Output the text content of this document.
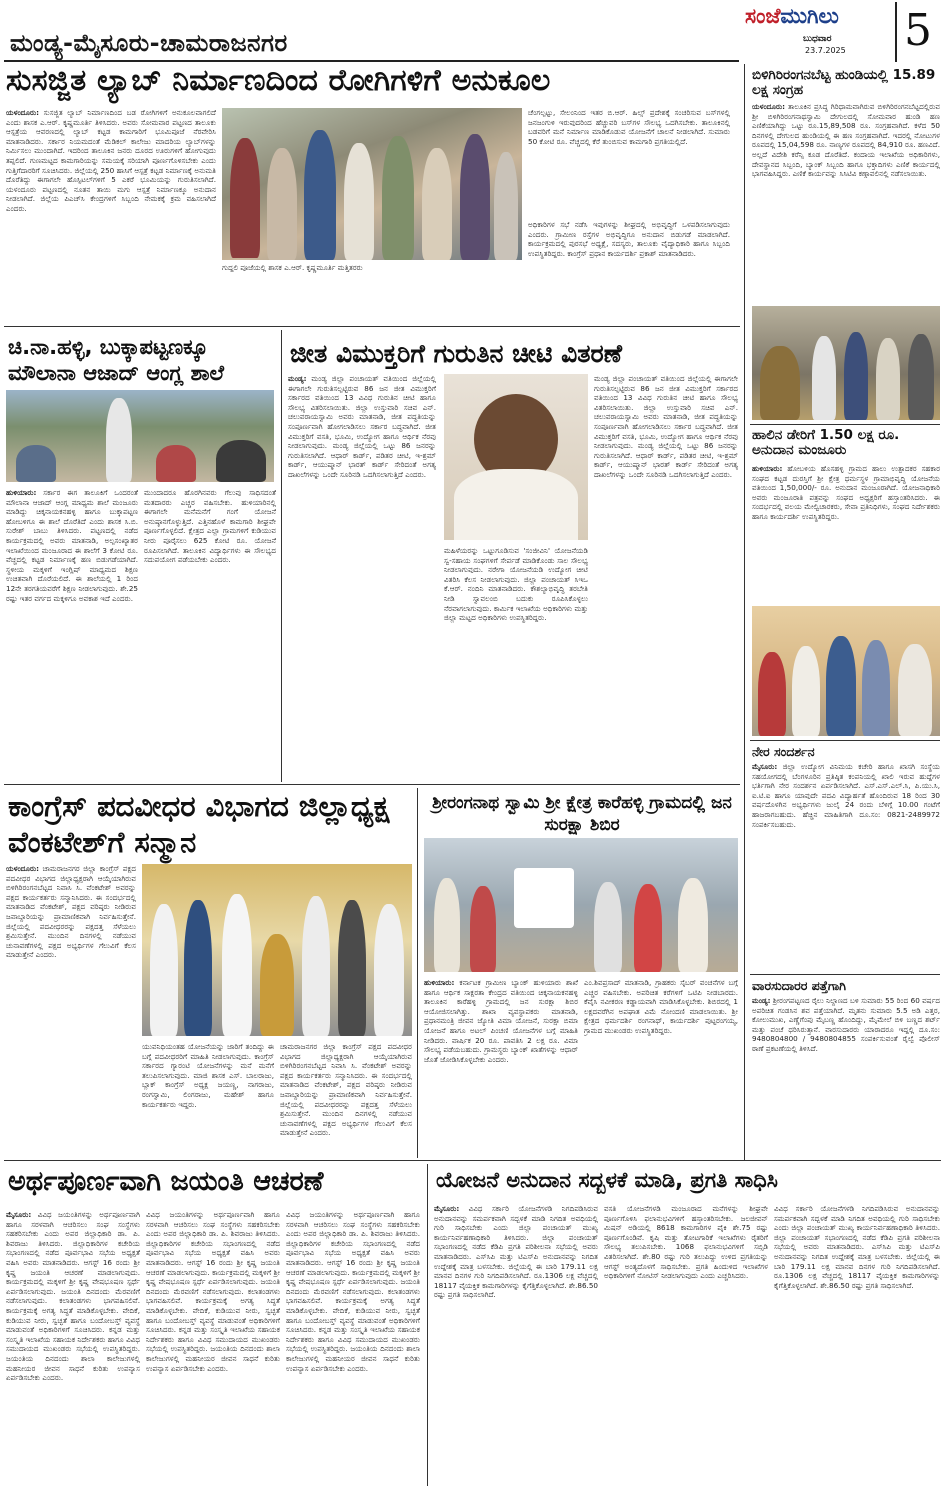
ಮಂಡ್ಯ-ಮೈಸೂರು-ಚಾಮರಾಜನಗರ
ಸಂಜೆಮುಗಿಲು
ಬುಧವಾರ
23.7.2025 5
ಸುಸಜ್ಜಿತ ಲ್ಯಾಬ್ ನಿರ್ಮಾಣದಿಂದ ರೋಗಿಗಳಿಗೆ ಅನುಕೂಲ
ಯಳಂದೂರು: ಸುಸಜ್ಜಿತ ಲ್ಯಾಬ್ ನಿರ್ಮಾಣದಿಂದ ಬಡ ರೋಗಿಗಳಿಗೆ ಅನುಕೂಲವಾಗಲಿದೆ ಎಂದು ಶಾಸಕ ಎ.ಆರ್. ಕೃಷ್ಣಮೂರ್ತಿ ತಿಳಿಸಿದರು. ಅವರು ಸೋಮವಾರ ಪಟ್ಟಣದ ತಾಲೂಕು ಆಸ್ಪತ್ರೆಯ ಆವರಣದಲ್ಲಿ ಲ್ಯಾಬ್ ಕಟ್ಟಡ ಕಾಮಗಾರಿಗೆ ಭೂಮಿಪೂಜೆ ನೆರವೇರಿಸಿ ಮಾತನಾಡಿದರು. ಸರ್ಕಾರ ನಿಯಮದಂತೆ ಮೆಡಿಕಲ್ ಕಾಲೇಜು ಮಾದರಿಯ ಲ್ಯಾಬ್‌ಗಳನ್ನು ನಿರ್ಮಿಸಲು ಮುಂದಾಗಿದೆ. ಇದರಿಂದ ತಾಲೂಕಿನ ಜನರು ದೂರದ ಊರುಗಳಿಗೆ ಹೋಗುವುದು ತಪ್ಪಲಿದೆ. ಗುಣಮಟ್ಟದ ಕಾಮಗಾರಿಯನ್ನು ಸಮಯಕ್ಕೆ ಸರಿಯಾಗಿ ಪೂರ್ಣಗೊಳಿಸಬೇಕು ಎಂದು ಗುತ್ತಿಗೆದಾರರಿಗೆ ಸೂಚಿಸಿದರು. ಜಿಲ್ಲೆಯಲ್ಲಿ 250 ಹಾಸಿಗೆ ಆಸ್ಪತ್ರೆ ಕಟ್ಟಡ ನಿರ್ಮಾಣಕ್ಕೆ ಅನುಮತಿ ದೊರೆತಿದ್ದು ಈಗಾಗಲೇ ಹೊಸ್ಪಿಟಲ್‌ಗಳಿಗೆ 5 ಎಕರೆ ಭೂಮಿಯನ್ನು ಗುರುತಿಸಲಾಗಿದೆ. ಯಳಂದೂರು ಪಟ್ಟಣದಲ್ಲಿ ನೂತನ ತಾಯಿ ಮಗು ಆಸ್ಪತ್ರೆ ನಿರ್ಮಾಣಕ್ಕೂ ಅನುದಾನ ನೀಡಲಾಗಿದೆ. ಜಿಲ್ಲೆಯ ಪಿಎಚ್‌ಸಿ ಕೇಂದ್ರಗಳಿಗೆ ಸಿಬ್ಬಂದಿ ನೇಮಕಕ್ಕೆ ಕ್ರಮ ವಹಿಸಲಾಗಿದೆ ಎಂದರು.
ಗುದ್ದಲಿ ಪೂಜೆಯಲ್ಲಿ ಶಾಸಕ ಎ.ಆರ್. ಕೃಷ್ಣಮೂರ್ತಿ ಮತ್ತಿತರರು
ಚೆಂಗಲ್ಪಟ್ಟು, ಸೇಲಂನಿಂದ ಇತರ ಬಿ.ಆರ್. ಹಿಲ್ಸ್ ಪ್ರದೇಶಕ್ಕೆ ಸಂಚರಿಸುವ ಬಸ್‌ಗಳಲ್ಲಿ ಜನಜಂಗುಳಿ ಇರುವುದರಿಂದ ಹೆಚ್ಚುವರಿ ಬಸ್‌ಗಳ ಸೌಲಭ್ಯ ಒದಗಿಸಬೇಕು. ತಾಲೂಕಿನಲ್ಲಿ ಬಡವರಿಗೆ ಮನೆ ನಿರ್ಮಾಣ ಮಾಡಿಕೊಡುವ ಯೋಜನೆಗೆ ಚಾಲನೆ ನೀಡಲಾಗಿದೆ. ಸುಮಾರು 50 ಕೋಟಿ ರೂ. ವೆಚ್ಚದಲ್ಲಿ ಕೆರೆ ತುಂಬಿಸುವ ಕಾಮಗಾರಿ ಪ್ರಗತಿಯಲ್ಲಿದೆ.
ಅಧಿಕಾರಿಗಳ ಸಭೆ ನಡೆಸಿ ಇವುಗಳನ್ನು ಶೀಘ್ರದಲ್ಲಿ ಅಭಿವೃದ್ಧಿಗೆ ಒಳಪಡಿಸಲಾಗುವುದು ಎಂದರು. ಗ್ರಾಮೀಣ ರಸ್ತೆಗಳ ಅಭಿವೃದ್ಧಿಗೂ ಅನುದಾನ ಬಿಡುಗಡೆ ಮಾಡಲಾಗಿದೆ. ಕಾರ್ಯಕ್ರಮದಲ್ಲಿ ಪುರಸಭೆ ಅಧ್ಯಕ್ಷೆ, ಸದಸ್ಯರು, ತಾಲೂಕು ವೈದ್ಯಾಧಿಕಾರಿ ಹಾಗೂ ಸಿಬ್ಬಂದಿ ಉಪಸ್ಥಿತರಿದ್ದರು. ಕಾಂಗ್ರೆಸ್ ಪ್ರಧಾನ ಕಾರ್ಯದರ್ಶಿ ಪ್ರಕಾಶ್ ಮಾತನಾಡಿದರು.
ಚಿ.ನಾ.ಹಳ್ಳಿ, ಬುಕ್ಕಾಪಟ್ಟಣಕ್ಕೂ ಮೌಲಾನಾ ಆಜಾದ್ ಆಂಗ್ಲ ಶಾಲೆ
ಹುಳಿಯಾರು: ಸರ್ಕಾರ ಈಗ ತಾಲೂಕಿಗೆ ಒಂದರಂತೆ ಮೌಲಾನಾ ಆಜಾದ್ ಆಂಗ್ಲ ಮಾಧ್ಯಮ ಶಾಲೆ ಮಂಜೂರು ಮಾಡಿದ್ದು ಚಿಕ್ಕನಾಯಕನಹಳ್ಳಿ ಹಾಗೂ ಬುಕ್ಕಾಪಟ್ಟಣ ಹೋಬಳಿಗೂ ಈ ಶಾಲೆ ದೊರೆತಿದೆ ಎಂದು ಶಾಸಕ ಸಿ.ಬಿ. ಸುರೇಶ್ ಬಾಬು ತಿಳಿಸಿದರು. ಪಟ್ಟಣದಲ್ಲಿ ನಡೆದ ಕಾರ್ಯಕ್ರಮದಲ್ಲಿ ಅವರು ಮಾತನಾಡಿ, ಅಲ್ಪಸಂಖ್ಯಾತರ ಇಲಾಖೆಯಿಂದ ಮಂಜೂರಾದ ಈ ಶಾಲೆಗೆ 3 ಕೋಟಿ ರೂ. ವೆಚ್ಚದಲ್ಲಿ ಕಟ್ಟಡ ನಿರ್ಮಾಣಕ್ಕೆ ಹಣ ಬಿಡುಗಡೆಯಾಗಿದೆ. ಸ್ಥಳೀಯ ಮಕ್ಕಳಿಗೆ ಇಂಗ್ಲಿಷ್ ಮಾಧ್ಯಮದ ಶಿಕ್ಷಣ ಉಚಿತವಾಗಿ ದೊರೆಯಲಿದೆ. ಈ ಶಾಲೆಯಲ್ಲಿ 1 ರಿಂದ 12ನೇ ತರಗತಿಯವರೆಗೆ ಶಿಕ್ಷಣ ನೀಡಲಾಗುವುದು. ಶೇ.25 ರಷ್ಟು ಇತರ ವರ್ಗದ ಮಕ್ಕಳಿಗೂ ಅವಕಾಶ ಇದೆ ಎಂದರು.
ಮುಂದಾದರೂ ಹೊರಗಿನವರು ಗೆಲುವು ಸಾಧಿಸದಂತೆ ಮತದಾರರು ಎಚ್ಚರ ವಹಿಸಬೇಕು. ಹುಳಿಯಾರಿನಲ್ಲಿ ಈಗಾಗಲೇ ಮನೆಮನೆಗೆ ಗಂಗೆ ಯೋಜನೆ ಅನುಷ್ಠಾನಗೊಳ್ಳುತ್ತಿದೆ. ಎತ್ತಿನಹೊಳೆ ಕಾಮಗಾರಿ ಶೀಘ್ರವೇ ಪೂರ್ಣಗೊಳ್ಳಲಿದೆ. ಕ್ಷೇತ್ರದ ಎಲ್ಲಾ ಗ್ರಾಮಗಳಿಗೆ ಕುಡಿಯುವ ನೀರು ಪೂರೈಸಲು 625 ಕೋಟಿ ರೂ. ಯೋಜನೆ ರೂಪಿಸಲಾಗಿದೆ. ತಾಲೂಕಿನ ವಿದ್ಯಾರ್ಥಿಗಳು ಈ ಸೌಲಭ್ಯದ ಸದುಪಯೋಗ ಪಡೆಯಬೇಕು ಎಂದರು.
ಜೀತ ವಿಮುಕ್ತರಿಗೆ ಗುರುತಿನ ಚೀಟಿ ವಿತರಣೆ
ಮಂಡ್ಯ: ಮಂಡ್ಯ ಜಿಲ್ಲಾ ಪಂಚಾಯತ್ ವತಿಯಿಂದ ಜಿಲ್ಲೆಯಲ್ಲಿ ಈಗಾಗಲೇ ಗುರುತಿಸಲ್ಪಟ್ಟಿರುವ 86 ಜನ ಜೀತ ವಿಮುಕ್ತರಿಗೆ ಸರ್ಕಾರದ ವತಿಯಿಂದ 13 ವಿವಿಧ ಗುರುತಿನ ಚೀಟಿ ಹಾಗೂ ಸೌಲಭ್ಯ ವಿತರಿಸಲಾಯಿತು. ಜಿಲ್ಲಾ ಉಸ್ತುವಾರಿ ಸಚಿವ ಎನ್. ಚಲುವರಾಯಸ್ವಾಮಿ ಅವರು ಮಾತನಾಡಿ, ಜೀತ ಪದ್ಧತಿಯನ್ನು ಸಂಪೂರ್ಣವಾಗಿ ಹೋಗಲಾಡಿಸಲು ಸರ್ಕಾರ ಬದ್ಧವಾಗಿದೆ. ಜೀತ ವಿಮುಕ್ತರಿಗೆ ವಸತಿ, ಭೂಮಿ, ಉದ್ಯೋಗ ಹಾಗೂ ಆರ್ಥಿಕ ನೆರವು ನೀಡಲಾಗುವುದು. ಮಂಡ್ಯ ಜಿಲ್ಲೆಯಲ್ಲಿ ಒಟ್ಟು 86 ಜನರನ್ನು ಗುರುತಿಸಲಾಗಿದೆ. ಆಧಾರ್ ಕಾರ್ಡ್, ಪಡಿತರ ಚೀಟಿ, ಇ-ಶ್ರಮ್ ಕಾರ್ಡ್, ಆಯುಷ್ಮಾನ್ ಭಾರತ್ ಕಾರ್ಡ್ ಸೇರಿದಂತೆ ಅಗತ್ಯ ದಾಖಲೆಗಳನ್ನು ಒಂದೇ ಸೂರಿನಡಿ ಒದಗಿಸಲಾಗುತ್ತಿದೆ ಎಂದರು.
ಮಹಿಳೆಯರನ್ನು ಒಟ್ಟುಗೂಡಿಸುವ 'ಸಂಜೀವಿನಿ' ಯೋಜನೆಯಡಿ ಸ್ವ-ಸಹಾಯ ಸಂಘಗಳಿಗೆ ಸೇರ್ಪಡೆ ಮಾಡಿಕೊಂಡು ಸಾಲ ಸೌಲಭ್ಯ ನೀಡಲಾಗುವುದು. ನರೇಗಾ ಯೋಜನೆಯಡಿ ಉದ್ಯೋಗ ಚೀಟಿ ವಿತರಿಸಿ ಕೆಲಸ ನೀಡಲಾಗುವುದು. ಜಿಲ್ಲಾ ಪಂಚಾಯತ್ ಸಿಇಒ ಕೆ.ಆರ್. ನಂದಿನಿ ಮಾತನಾಡಿದರು. ಕೌಶಲ್ಯಾಭಿವೃದ್ಧಿ ತರಬೇತಿ ನೀಡಿ ಸ್ವಾವಲಂಬಿ ಬದುಕು ರೂಪಿಸಿಕೊಳ್ಳಲು ನೆರವಾಗಲಾಗುವುದು. ಕಾರ್ಮಿಕ ಇಲಾಖೆಯ ಅಧಿಕಾರಿಗಳು ಮತ್ತು ಜಿಲ್ಲಾ ಮಟ್ಟದ ಅಧಿಕಾರಿಗಳು ಉಪಸ್ಥಿತರಿದ್ದರು.
ಮಂಡ್ಯ ಜಿಲ್ಲಾ ಪಂಚಾಯತ್ ವತಿಯಿಂದ ಜಿಲ್ಲೆಯಲ್ಲಿ ಈಗಾಗಲೇ ಗುರುತಿಸಲ್ಪಟ್ಟಿರುವ 86 ಜನ ಜೀತ ವಿಮುಕ್ತರಿಗೆ ಸರ್ಕಾರದ ವತಿಯಿಂದ 13 ವಿವಿಧ ಗುರುತಿನ ಚೀಟಿ ಹಾಗೂ ಸೌಲಭ್ಯ ವಿತರಿಸಲಾಯಿತು. ಜಿಲ್ಲಾ ಉಸ್ತುವಾರಿ ಸಚಿವ ಎನ್. ಚಲುವರಾಯಸ್ವಾಮಿ ಅವರು ಮಾತನಾಡಿ, ಜೀತ ಪದ್ಧತಿಯನ್ನು ಸಂಪೂರ್ಣವಾಗಿ ಹೋಗಲಾಡಿಸಲು ಸರ್ಕಾರ ಬದ್ಧವಾಗಿದೆ. ಜೀತ ವಿಮುಕ್ತರಿಗೆ ವಸತಿ, ಭೂಮಿ, ಉದ್ಯೋಗ ಹಾಗೂ ಆರ್ಥಿಕ ನೆರವು ನೀಡಲಾಗುವುದು. ಮಂಡ್ಯ ಜಿಲ್ಲೆಯಲ್ಲಿ ಒಟ್ಟು 86 ಜನರನ್ನು ಗುರುತಿಸಲಾಗಿದೆ. ಆಧಾರ್ ಕಾರ್ಡ್, ಪಡಿತರ ಚೀಟಿ, ಇ-ಶ್ರಮ್ ಕಾರ್ಡ್, ಆಯುಷ್ಮಾನ್ ಭಾರತ್ ಕಾರ್ಡ್ ಸೇರಿದಂತೆ ಅಗತ್ಯ ದಾಖಲೆಗಳನ್ನು ಒಂದೇ ಸೂರಿನಡಿ ಒದಗಿಸಲಾಗುತ್ತಿದೆ ಎಂದರು.
ಕಾಂಗ್ರೆಸ್ ಪದವೀಧರ ವಿಭಾಗದ ಜಿಲ್ಲಾಧ್ಯಕ್ಷ ವೆಂಕಟೇಶ್‌ಗೆ ಸನ್ಮಾನ
ಯಳಂದೂರು: ಚಾಮರಾಜನಗರ ಜಿಲ್ಲಾ ಕಾಂಗ್ರೆಸ್ ಪಕ್ಷದ ಪದವೀಧರ ವಿಭಾಗದ ಜಿಲ್ಲಾಧ್ಯಕ್ಷರಾಗಿ ಆಯ್ಕೆಯಾಗಿರುವ ಬಿಳಿಗಿರಿರಂಗನಬೆಟ್ಟದ ನಿವಾಸಿ ಸಿ. ವೆಂಕಟೇಶ್ ಅವರನ್ನು ಪಕ್ಷದ ಕಾರ್ಯಕರ್ತರು ಸನ್ಮಾನಿಸಿದರು. ಈ ಸಂದರ್ಭದಲ್ಲಿ ಮಾತನಾಡಿದ ವೆಂಕಟೇಶ್, ಪಕ್ಷದ ವರಿಷ್ಠರು ನೀಡಿರುವ ಜವಾಬ್ದಾರಿಯನ್ನು ಪ್ರಾಮಾಣಿಕವಾಗಿ ನಿರ್ವಹಿಸುತ್ತೇನೆ. ಜಿಲ್ಲೆಯಲ್ಲಿ ಪದವೀಧರರನ್ನು ಪಕ್ಷದತ್ತ ಸೆಳೆಯಲು ಶ್ರಮಿಸುತ್ತೇನೆ. ಮುಂದಿನ ದಿನಗಳಲ್ಲಿ ನಡೆಯುವ ಚುನಾವಣೆಗಳಲ್ಲಿ ಪಕ್ಷದ ಅಭ್ಯರ್ಥಿಗಳ ಗೆಲುವಿಗೆ ಕೆಲಸ ಮಾಡುತ್ತೇನೆ ಎಂದರು.
ಯುವನಿಧಿಯಂತಹ ಯೋಜನೆಯನ್ನು ಜಾರಿಗೆ ತಂದಿದ್ದು ಈ ಬಗ್ಗೆ ಪದವೀಧರರಿಗೆ ಮಾಹಿತಿ ನೀಡಲಾಗುವುದು. ಕಾಂಗ್ರೆಸ್ ಸರ್ಕಾರದ ಗ್ಯಾರಂಟಿ ಯೋಜನೆಗಳನ್ನು ಮನೆ ಮನೆಗೆ ತಲುಪಿಸಲಾಗುವುದು. ಮಾಜಿ ಶಾಸಕ ಎಸ್. ಬಾಲರಾಜು, ಬ್ಲಾಕ್ ಕಾಂಗ್ರೆಸ್ ಅಧ್ಯಕ್ಷ ಜಯಣ್ಣ, ನಾಗರಾಜು, ರಂಗಸ್ವಾಮಿ, ಲಿಂಗರಾಜು, ಮಹೇಶ್ ಹಾಗೂ ಕಾರ್ಯಕರ್ತರು ಇದ್ದರು.
ಚಾಮರಾಜನಗರ ಜಿಲ್ಲಾ ಕಾಂಗ್ರೆಸ್ ಪಕ್ಷದ ಪದವೀಧರ ವಿಭಾಗದ ಜಿಲ್ಲಾಧ್ಯಕ್ಷರಾಗಿ ಆಯ್ಕೆಯಾಗಿರುವ ಬಿಳಿಗಿರಿರಂಗನಬೆಟ್ಟದ ನಿವಾಸಿ ಸಿ. ವೆಂಕಟೇಶ್ ಅವರನ್ನು ಪಕ್ಷದ ಕಾರ್ಯಕರ್ತರು ಸನ್ಮಾನಿಸಿದರು. ಈ ಸಂದರ್ಭದಲ್ಲಿ ಮಾತನಾಡಿದ ವೆಂಕಟೇಶ್, ಪಕ್ಷದ ವರಿಷ್ಠರು ನೀಡಿರುವ ಜವಾಬ್ದಾರಿಯನ್ನು ಪ್ರಾಮಾಣಿಕವಾಗಿ ನಿರ್ವಹಿಸುತ್ತೇನೆ. ಜಿಲ್ಲೆಯಲ್ಲಿ ಪದವೀಧರರನ್ನು ಪಕ್ಷದತ್ತ ಸೆಳೆಯಲು ಶ್ರಮಿಸುತ್ತೇನೆ. ಮುಂದಿನ ದಿನಗಳಲ್ಲಿ ನಡೆಯುವ ಚುನಾವಣೆಗಳಲ್ಲಿ ಪಕ್ಷದ ಅಭ್ಯರ್ಥಿಗಳ ಗೆಲುವಿಗೆ ಕೆಲಸ ಮಾಡುತ್ತೇನೆ ಎಂದರು.
ಶ್ರೀರಂಗನಾಥ ಸ್ವಾಮಿ ಶ್ರೀ ಕ್ಷೇತ್ರ ಕಾರೆಹಳ್ಳಿ ಗ್ರಾಮದಲ್ಲಿ ಜನ ಸುರಕ್ಷಾ ಶಿಬಿರ
ಹುಳಿಯಾರು: ಕರ್ನಾಟಕ ಗ್ರಾಮೀಣ ಬ್ಯಾಂಕ್ ಹುಳಿಯಾರು ಶಾಖೆ ಹಾಗೂ ಆರ್ಥಿಕ ಸಾಕ್ಷರತಾ ಕೇಂದ್ರದ ವತಿಯಿಂದ ಚಿಕ್ಕನಾಯಕನಹಳ್ಳಿ ತಾಲೂಕಿನ ಕಾರೆಹಳ್ಳಿ ಗ್ರಾಮದಲ್ಲಿ ಜನ ಸುರಕ್ಷಾ ಶಿಬಿರ ಆಯೋಜಿಸಲಾಗಿತ್ತು. ಶಾಖಾ ವ್ಯವಸ್ಥಾಪಕರು ಮಾತನಾಡಿ, ಪ್ರಧಾನಮಂತ್ರಿ ಜೀವನ ಜ್ಯೋತಿ ವಿಮಾ ಯೋಜನೆ, ಸುರಕ್ಷಾ ಬಿಮಾ ಯೋಜನೆ ಹಾಗೂ ಅಟಲ್ ಪಿಂಚಣಿ ಯೋಜನೆಗಳ ಬಗ್ಗೆ ಮಾಹಿತಿ ನೀಡಿದರು. ವಾರ್ಷಿಕ 20 ರೂ. ಪಾವತಿಸಿ 2 ಲಕ್ಷ ರೂ. ವಿಮಾ ಸೌಲಭ್ಯ ಪಡೆಯಬಹುದು. ಗ್ರಾಮಸ್ಥರು ಬ್ಯಾಂಕ್ ಖಾತೆಗಳನ್ನು ಆಧಾರ್ ಜೊತೆ ಜೋಡಿಸಿಕೊಳ್ಳಬೇಕು ಎಂದರು.
ಎಂ.ಶಿವಪ್ರಸಾದ್ ಮಾತನಾಡಿ, ಗ್ರಾಹಕರು ಸೈಬರ್ ವಂಚನೆಗಳ ಬಗ್ಗೆ ಎಚ್ಚರ ವಹಿಸಬೇಕು. ಅಪರಿಚಿತ ಕರೆಗಳಿಗೆ ಒಟಿಪಿ ನೀಡಬಾರದು. ಕೆವೈಸಿ ನವೀಕರಣ ಕಡ್ಡಾಯವಾಗಿ ಮಾಡಿಸಿಕೊಳ್ಳಬೇಕು. ಶಿಬಿರದಲ್ಲಿ 1 ಲಕ್ಷದವರೆಗಿನ ಅಪಘಾತ ವಿಮೆ ನೋಂದಣಿ ಮಾಡಲಾಯಿತು. ಶ್ರೀ ಕ್ಷೇತ್ರದ ಧರ್ಮದರ್ಶಿ ರಂಗನಾಥ್, ಕಾರ್ಯದರ್ಶಿ ಪುಟ್ಟರಂಗಯ್ಯ, ಗ್ರಾಮದ ಮುಖಂಡರು ಉಪಸ್ಥಿತರಿದ್ದರು.
ಅರ್ಥಪೂರ್ಣವಾಗಿ ಜಯಂತಿ ಆಚರಣೆ
ಮೈಸೂರು: ವಿವಿಧ ಜಯಂತಿಗಳನ್ನು ಅರ್ಥಪೂರ್ಣವಾಗಿ ಹಾಗೂ ಸರಳವಾಗಿ ಆಚರಿಸಲು ಸಂಘ ಸಂಸ್ಥೆಗಳು ಸಹಕರಿಸಬೇಕು ಎಂದು ಅಪರ ಜಿಲ್ಲಾಧಿಕಾರಿ ಡಾ. ಪಿ. ಶಿವರಾಜು ತಿಳಿಸಿದರು. ಜಿಲ್ಲಾಧಿಕಾರಿಗಳ ಕಚೇರಿಯ ಸಭಾಂಗಣದಲ್ಲಿ ನಡೆದ ಪೂರ್ವಭಾವಿ ಸಭೆಯ ಅಧ್ಯಕ್ಷತೆ ವಹಿಸಿ ಅವರು ಮಾತನಾಡಿದರು. ಆಗಸ್ಟ್ 16 ರಂದು ಶ್ರೀ ಕೃಷ್ಣ ಜಯಂತಿ ಆಚರಣೆ ಮಾಡಲಾಗುವುದು. ಕಾರ್ಯಕ್ರಮದಲ್ಲಿ ಮಕ್ಕಳಿಗೆ ಶ್ರೀ ಕೃಷ್ಣ ವೇಷಭೂಷಣ ಸ್ಪರ್ಧೆ ಏರ್ಪಡಿಸಲಾಗುವುದು. ಜಯಂತಿ ದಿನದಂದು ಮೆರವಣಿಗೆ ನಡೆಸಲಾಗುವುದು. ಕಲಾತಂಡಗಳು ಭಾಗವಹಿಸಲಿವೆ. ಕಾರ್ಯಕ್ರಮಕ್ಕೆ ಅಗತ್ಯ ಸಿದ್ಧತೆ ಮಾಡಿಕೊಳ್ಳಬೇಕು. ವೇದಿಕೆ, ಕುಡಿಯುವ ನೀರು, ಸ್ವಚ್ಛತೆ ಹಾಗೂ ಬಂದೋಬಸ್ತ್ ವ್ಯವಸ್ಥೆ ಮಾಡುವಂತೆ ಅಧಿಕಾರಿಗಳಿಗೆ ಸೂಚಿಸಿದರು. ಕನ್ನಡ ಮತ್ತು ಸಂಸ್ಕೃತಿ ಇಲಾಖೆಯ ಸಹಾಯಕ ನಿರ್ದೇಶಕರು ಹಾಗೂ ವಿವಿಧ ಸಮುದಾಯದ ಮುಖಂಡರು ಸಭೆಯಲ್ಲಿ ಉಪಸ್ಥಿತರಿದ್ದರು. ಜಯಂತಿಯ ದಿನದಂದು ಶಾಲಾ ಕಾಲೇಜುಗಳಲ್ಲಿ ಮಹನೀಯರ ಜೀವನ ಸಾಧನೆ ಕುರಿತು ಉಪನ್ಯಾಸ ಏರ್ಪಡಿಸಬೇಕು ಎಂದರು.
ವಿವಿಧ ಜಯಂತಿಗಳನ್ನು ಅರ್ಥಪೂರ್ಣವಾಗಿ ಹಾಗೂ ಸರಳವಾಗಿ ಆಚರಿಸಲು ಸಂಘ ಸಂಸ್ಥೆಗಳು ಸಹಕರಿಸಬೇಕು ಎಂದು ಅಪರ ಜಿಲ್ಲಾಧಿಕಾರಿ ಡಾ. ಪಿ. ಶಿವರಾಜು ತಿಳಿಸಿದರು. ಜಿಲ್ಲಾಧಿಕಾರಿಗಳ ಕಚೇರಿಯ ಸಭಾಂಗಣದಲ್ಲಿ ನಡೆದ ಪೂರ್ವಭಾವಿ ಸಭೆಯ ಅಧ್ಯಕ್ಷತೆ ವಹಿಸಿ ಅವರು ಮಾತನಾಡಿದರು. ಆಗಸ್ಟ್ 16 ರಂದು ಶ್ರೀ ಕೃಷ್ಣ ಜಯಂತಿ ಆಚರಣೆ ಮಾಡಲಾಗುವುದು. ಕಾರ್ಯಕ್ರಮದಲ್ಲಿ ಮಕ್ಕಳಿಗೆ ಶ್ರೀ ಕೃಷ್ಣ ವೇಷಭೂಷಣ ಸ್ಪರ್ಧೆ ಏರ್ಪಡಿಸಲಾಗುವುದು. ಜಯಂತಿ ದಿನದಂದು ಮೆರವಣಿಗೆ ನಡೆಸಲಾಗುವುದು. ಕಲಾತಂಡಗಳು ಭಾಗವಹಿಸಲಿವೆ. ಕಾರ್ಯಕ್ರಮಕ್ಕೆ ಅಗತ್ಯ ಸಿದ್ಧತೆ ಮಾಡಿಕೊಳ್ಳಬೇಕು. ವೇದಿಕೆ, ಕುಡಿಯುವ ನೀರು, ಸ್ವಚ್ಛತೆ ಹಾಗೂ ಬಂದೋಬಸ್ತ್ ವ್ಯವಸ್ಥೆ ಮಾಡುವಂತೆ ಅಧಿಕಾರಿಗಳಿಗೆ ಸೂಚಿಸಿದರು. ಕನ್ನಡ ಮತ್ತು ಸಂಸ್ಕೃತಿ ಇಲಾಖೆಯ ಸಹಾಯಕ ನಿರ್ದೇಶಕರು ಹಾಗೂ ವಿವಿಧ ಸಮುದಾಯದ ಮುಖಂಡರು ಸಭೆಯಲ್ಲಿ ಉಪಸ್ಥಿತರಿದ್ದರು. ಜಯಂತಿಯ ದಿನದಂದು ಶಾಲಾ ಕಾಲೇಜುಗಳಲ್ಲಿ ಮಹನೀಯರ ಜೀವನ ಸಾಧನೆ ಕುರಿತು ಉಪನ್ಯಾಸ ಏರ್ಪಡಿಸಬೇಕು ಎಂದರು.
ವಿವಿಧ ಜಯಂತಿಗಳನ್ನು ಅರ್ಥಪೂರ್ಣವಾಗಿ ಹಾಗೂ ಸರಳವಾಗಿ ಆಚರಿಸಲು ಸಂಘ ಸಂಸ್ಥೆಗಳು ಸಹಕರಿಸಬೇಕು ಎಂದು ಅಪರ ಜಿಲ್ಲಾಧಿಕಾರಿ ಡಾ. ಪಿ. ಶಿವರಾಜು ತಿಳಿಸಿದರು. ಜಿಲ್ಲಾಧಿಕಾರಿಗಳ ಕಚೇರಿಯ ಸಭಾಂಗಣದಲ್ಲಿ ನಡೆದ ಪೂರ್ವಭಾವಿ ಸಭೆಯ ಅಧ್ಯಕ್ಷತೆ ವಹಿಸಿ ಅವರು ಮಾತನಾಡಿದರು. ಆಗಸ್ಟ್ 16 ರಂದು ಶ್ರೀ ಕೃಷ್ಣ ಜಯಂತಿ ಆಚರಣೆ ಮಾಡಲಾಗುವುದು. ಕಾರ್ಯಕ್ರಮದಲ್ಲಿ ಮಕ್ಕಳಿಗೆ ಶ್ರೀ ಕೃಷ್ಣ ವೇಷಭೂಷಣ ಸ್ಪರ್ಧೆ ಏರ್ಪಡಿಸಲಾಗುವುದು. ಜಯಂತಿ ದಿನದಂದು ಮೆರವಣಿಗೆ ನಡೆಸಲಾಗುವುದು. ಕಲಾತಂಡಗಳು ಭಾಗವಹಿಸಲಿವೆ. ಕಾರ್ಯಕ್ರಮಕ್ಕೆ ಅಗತ್ಯ ಸಿದ್ಧತೆ ಮಾಡಿಕೊಳ್ಳಬೇಕು. ವೇದಿಕೆ, ಕುಡಿಯುವ ನೀರು, ಸ್ವಚ್ಛತೆ ಹಾಗೂ ಬಂದೋಬಸ್ತ್ ವ್ಯವಸ್ಥೆ ಮಾಡುವಂತೆ ಅಧಿಕಾರಿಗಳಿಗೆ ಸೂಚಿಸಿದರು. ಕನ್ನಡ ಮತ್ತು ಸಂಸ್ಕೃತಿ ಇಲಾಖೆಯ ಸಹಾಯಕ ನಿರ್ದೇಶಕರು ಹಾಗೂ ವಿವಿಧ ಸಮುದಾಯದ ಮುಖಂಡರು ಸಭೆಯಲ್ಲಿ ಉಪಸ್ಥಿತರಿದ್ದರು. ಜಯಂತಿಯ ದಿನದಂದು ಶಾಲಾ ಕಾಲೇಜುಗಳಲ್ಲಿ ಮಹನೀಯರ ಜೀವನ ಸಾಧನೆ ಕುರಿತು ಉಪನ್ಯಾಸ ಏರ್ಪಡಿಸಬೇಕು ಎಂದರು.
ಯೋಜನೆ ಅನುದಾನ ಸದ್ಬಳಕೆ ಮಾಡಿ, ಪ್ರಗತಿ ಸಾಧಿಸಿ
ಮೈಸೂರು: ವಿವಿಧ ಸರ್ಕಾರಿ ಯೋಜನೆಗಳಡಿ ನಿಗದಿಪಡಿಸಿರುವ ಅನುದಾನವನ್ನು ಸಮರ್ಪಕವಾಗಿ ಸದ್ಬಳಕೆ ಮಾಡಿ ನಿಗದಿತ ಅವಧಿಯಲ್ಲಿ ಗುರಿ ಸಾಧಿಸಬೇಕು ಎಂದು ಜಿಲ್ಲಾ ಪಂಚಾಯತ್ ಮುಖ್ಯ ಕಾರ್ಯನಿರ್ವಹಣಾಧಿಕಾರಿ ತಿಳಿಸಿದರು. ಜಿಲ್ಲಾ ಪಂಚಾಯತ್ ಸಭಾಂಗಣದಲ್ಲಿ ನಡೆದ ಕೆಡಿಪಿ ಪ್ರಗತಿ ಪರಿಶೀಲನಾ ಸಭೆಯಲ್ಲಿ ಅವರು ಮಾತನಾಡಿದರು. ಎಸ್‌ಸಿಪಿ ಮತ್ತು ಟಿಎಸ್‌ಪಿ ಅನುದಾನವನ್ನು ನಿಗದಿತ ಉದ್ದೇಶಕ್ಕೆ ಮಾತ್ರ ಬಳಸಬೇಕು. ಜಿಲ್ಲೆಯಲ್ಲಿ ಈ ಬಾರಿ 179.11 ಲಕ್ಷ ಮಾನವ ದಿನಗಳ ಗುರಿ ನಿಗದಿಪಡಿಸಲಾಗಿದೆ. ರೂ.1306 ಲಕ್ಷ ವೆಚ್ಚದಲ್ಲಿ 18117 ವೈಯಕ್ತಿಕ ಕಾಮಗಾರಿಗಳನ್ನು ಕೈಗೆತ್ತಿಕೊಳ್ಳಲಾಗಿದೆ. ಶೇ.86.50 ರಷ್ಟು ಪ್ರಗತಿ ಸಾಧಿಸಲಾಗಿದೆ.
ವಸತಿ ಯೋಜನೆಗಳಡಿ ಮಂಜೂರಾದ ಮನೆಗಳನ್ನು ಶೀಘ್ರವೇ ಪೂರ್ಣಗೊಳಿಸಿ ಫಲಾನುಭವಿಗಳಿಗೆ ಹಸ್ತಾಂತರಿಸಬೇಕು. ಜಲಜೀವನ್ ಮಿಷನ್ ಅಡಿಯಲ್ಲಿ 8618 ಕಾಮಗಾರಿಗಳ ಪೈಕಿ ಶೇ.75 ರಷ್ಟು ಪೂರ್ಣಗೊಂಡಿವೆ. ಕೃಷಿ ಮತ್ತು ತೋಟಗಾರಿಕೆ ಇಲಾಖೆಗಳು ರೈತರಿಗೆ ಸೌಲಭ್ಯ ತಲುಪಿಸಬೇಕು. 1068 ಫಲಾನುಭವಿಗಳಿಗೆ ಸಬ್ಸಿಡಿ ವಿತರಿಸಲಾಗಿದೆ. ಶೇ.80 ರಷ್ಟು ಗುರಿ ತಲುಪಿದ್ದು ಉಳಿದ ಪ್ರಗತಿಯನ್ನು ಆಗಸ್ಟ್ ಅಂತ್ಯದೊಳಗೆ ಸಾಧಿಸಬೇಕು. ಪ್ರಗತಿ ಹಿಂದುಳಿದ ಇಲಾಖೆಗಳ ಅಧಿಕಾರಿಗಳಿಗೆ ನೋಟಿಸ್ ನೀಡಲಾಗುವುದು ಎಂದು ಎಚ್ಚರಿಸಿದರು.
ವಿವಿಧ ಸರ್ಕಾರಿ ಯೋಜನೆಗಳಡಿ ನಿಗದಿಪಡಿಸಿರುವ ಅನುದಾನವನ್ನು ಸಮರ್ಪಕವಾಗಿ ಸದ್ಬಳಕೆ ಮಾಡಿ ನಿಗದಿತ ಅವಧಿಯಲ್ಲಿ ಗುರಿ ಸಾಧಿಸಬೇಕು ಎಂದು ಜಿಲ್ಲಾ ಪಂಚಾಯತ್ ಮುಖ್ಯ ಕಾರ್ಯನಿರ್ವಹಣಾಧಿಕಾರಿ ತಿಳಿಸಿದರು. ಜಿಲ್ಲಾ ಪಂಚಾಯತ್ ಸಭಾಂಗಣದಲ್ಲಿ ನಡೆದ ಕೆಡಿಪಿ ಪ್ರಗತಿ ಪರಿಶೀಲನಾ ಸಭೆಯಲ್ಲಿ ಅವರು ಮಾತನಾಡಿದರು. ಎಸ್‌ಸಿಪಿ ಮತ್ತು ಟಿಎಸ್‌ಪಿ ಅನುದಾನವನ್ನು ನಿಗದಿತ ಉದ್ದೇಶಕ್ಕೆ ಮಾತ್ರ ಬಳಸಬೇಕು. ಜಿಲ್ಲೆಯಲ್ಲಿ ಈ ಬಾರಿ 179.11 ಲಕ್ಷ ಮಾನವ ದಿನಗಳ ಗುರಿ ನಿಗದಿಪಡಿಸಲಾಗಿದೆ. ರೂ.1306 ಲಕ್ಷ ವೆಚ್ಚದಲ್ಲಿ 18117 ವೈಯಕ್ತಿಕ ಕಾಮಗಾರಿಗಳನ್ನು ಕೈಗೆತ್ತಿಕೊಳ್ಳಲಾಗಿದೆ. ಶೇ.86.50 ರಷ್ಟು ಪ್ರಗತಿ ಸಾಧಿಸಲಾಗಿದೆ.
ಬಿಳಿಗಿರಿರಂಗನಬೆಟ್ಟ ಹುಂಡಿಯಲ್ಲಿ 15.89 ಲಕ್ಷ ಸಂಗ್ರಹ
ಯಳಂದೂರು: ತಾಲೂಕಿನ ಪ್ರಸಿದ್ಧ ಗಿರಿಧಾಮವಾಗಿರುವ ಬಿಳಿಗಿರಿರಂಗನಬೆಟ್ಟದಲ್ಲಿರುವ ಶ್ರೀ ಬಿಳಿಗಿರಿರಂಗನಾಥಸ್ವಾಮಿ ದೇಗುಲದಲ್ಲಿ ಸೋಮವಾರ ಹುಂಡಿ ಹಣ ಎಣಿಕೆಯಾಗಿದ್ದು ಒಟ್ಟು ರೂ.15,89,508 ರೂ. ಸಂಗ್ರಹವಾಗಿದೆ. ಕಳೆದ 50 ದಿನಗಳಲ್ಲಿ ದೇಗುಲದ ಹುಂಡಿಯಲ್ಲಿ ಈ ಹಣ ಸಂಗ್ರಹವಾಗಿದೆ. ಇದರಲ್ಲಿ ನೋಟುಗಳ ರೂಪದಲ್ಲಿ 15,04,598 ರೂ. ನಾಣ್ಯಗಳ ರೂಪದಲ್ಲಿ 84,910 ರೂ. ಹಣವಿದೆ. ಅಲ್ಲದೆ ವಿದೇಶಿ ಕರೆನ್ಸಿ ಕೂಡ ದೊರೆತಿದೆ. ಕಂದಾಯ ಇಲಾಖೆಯ ಅಧಿಕಾರಿಗಳು, ದೇವಸ್ಥಾನದ ಸಿಬ್ಬಂದಿ, ಬ್ಯಾಂಕ್ ಸಿಬ್ಬಂದಿ ಹಾಗೂ ಭಕ್ತಾದಿಗಳು ಎಣಿಕೆ ಕಾರ್ಯದಲ್ಲಿ ಭಾಗವಹಿಸಿದ್ದರು. ಎಣಿಕೆ ಕಾರ್ಯವನ್ನು ಸಿಸಿಟಿವಿ ಕಣ್ಗಾವಲಿನಲ್ಲಿ ನಡೆಸಲಾಯಿತು.
ಹಾಲಿನ ಡೇರಿಗೆ 1.50 ಲಕ್ಷ ರೂ. ಅನುದಾನ ಮಂಜೂರು
ಹುಳಿಯಾರು: ಹೋಬಳಿಯ ಹೊಸಹಳ್ಳಿ ಗ್ರಾಮದ ಹಾಲು ಉತ್ಪಾದಕರ ಸಹಕಾರ ಸಂಘದ ಕಟ್ಟಡ ದುರಸ್ತಿಗೆ ಶ್ರೀ ಕ್ಷೇತ್ರ ಧರ್ಮಸ್ಥಳ ಗ್ರಾಮಾಭಿವೃದ್ಧಿ ಯೋಜನೆಯ ವತಿಯಿಂದ 1,50,000/- ರೂ. ಅನುದಾನ ಮಂಜೂರಾಗಿದೆ. ಯೋಜನಾಧಿಕಾರಿ ಅವರು ಮಂಜೂರಾತಿ ಪತ್ರವನ್ನು ಸಂಘದ ಅಧ್ಯಕ್ಷರಿಗೆ ಹಸ್ತಾಂತರಿಸಿದರು. ಈ ಸಂದರ್ಭದಲ್ಲಿ ವಲಯ ಮೇಲ್ವಿಚಾರಕರು, ಸೇವಾ ಪ್ರತಿನಿಧಿಗಳು, ಸಂಘದ ನಿರ್ದೇಶಕರು ಹಾಗೂ ಕಾರ್ಯದರ್ಶಿ ಉಪಸ್ಥಿತರಿದ್ದರು.
ನೇರ ಸಂದರ್ಶನ
ಮೈಸೂರು: ಜಿಲ್ಲಾ ಉದ್ಯೋಗ ವಿನಿಮಯ ಕಚೇರಿ ಹಾಗೂ ಖಾಸಗಿ ಸಂಸ್ಥೆಯ ಸಹಯೋಗದಲ್ಲಿ ಬೆಂಗಳೂರಿನ ಪ್ರತಿಷ್ಠಿತ ಕಂಪನಿಯಲ್ಲಿ ಖಾಲಿ ಇರುವ ಹುದ್ದೆಗಳ ಭರ್ತಿಗಾಗಿ ನೇರ ಸಂದರ್ಶನ ಏರ್ಪಡಿಸಲಾಗಿದೆ. ಎಸ್.ಎಸ್.ಎಲ್.ಸಿ, ಪಿ.ಯು.ಸಿ, ಐ.ಟಿ.ಐ ಹಾಗೂ ಯಾವುದೇ ಪದವಿ ವಿದ್ಯಾರ್ಹತೆ ಹೊಂದಿರುವ 18 ರಿಂದ 30 ವರ್ಷದೊಳಗಿನ ಅಭ್ಯರ್ಥಿಗಳು ಜುಲೈ 24 ರಂದು ಬೆಳಿಗ್ಗೆ 10.00 ಗಂಟೆಗೆ ಹಾಜರಾಗಬಹುದು. ಹೆಚ್ಚಿನ ಮಾಹಿತಿಗಾಗಿ ದೂ.ಸಂ: 0821-2489972 ಸಂಪರ್ಕಿಸಬಹುದು.
ವಾರಸುದಾರರ ಪತ್ತೆಗಾಗಿ
ಮಂಡ್ಯ: ಶ್ರೀರಂಗಪಟ್ಟಣದ ರೈಲು ನಿಲ್ದಾಣದ ಬಳಿ ಸುಮಾರು 55 ರಿಂದ 60 ವರ್ಷದ ಅಪರಿಚಿತ ಗಂಡಸಿನ ಶವ ಪತ್ತೆಯಾಗಿದೆ. ಮೃತನು ಸುಮಾರು 5.5 ಅಡಿ ಎತ್ತರ, ಕೋಲುಮುಖ, ಎಣ್ಣೆಗೆಂಪು ಮೈಬಣ್ಣ ಹೊಂದಿದ್ದು, ಮೈಮೇಲೆ ಬಿಳಿ ಬಣ್ಣದ ಶರ್ಟ್ ಮತ್ತು ಪಂಚೆ ಧರಿಸಿರುತ್ತಾನೆ. ವಾರಸುದಾರರು ಯಾರಾದರೂ ಇದ್ದಲ್ಲಿ ದೂ.ಸಂ: 9480804800 / 9480804855 ಸಂಪರ್ಕಿಸುವಂತೆ ರೈಲ್ವೆ ಪೊಲೀಸ್ ಠಾಣೆ ಪ್ರಕಟಣೆಯಲ್ಲಿ ತಿಳಿಸಿದೆ.
